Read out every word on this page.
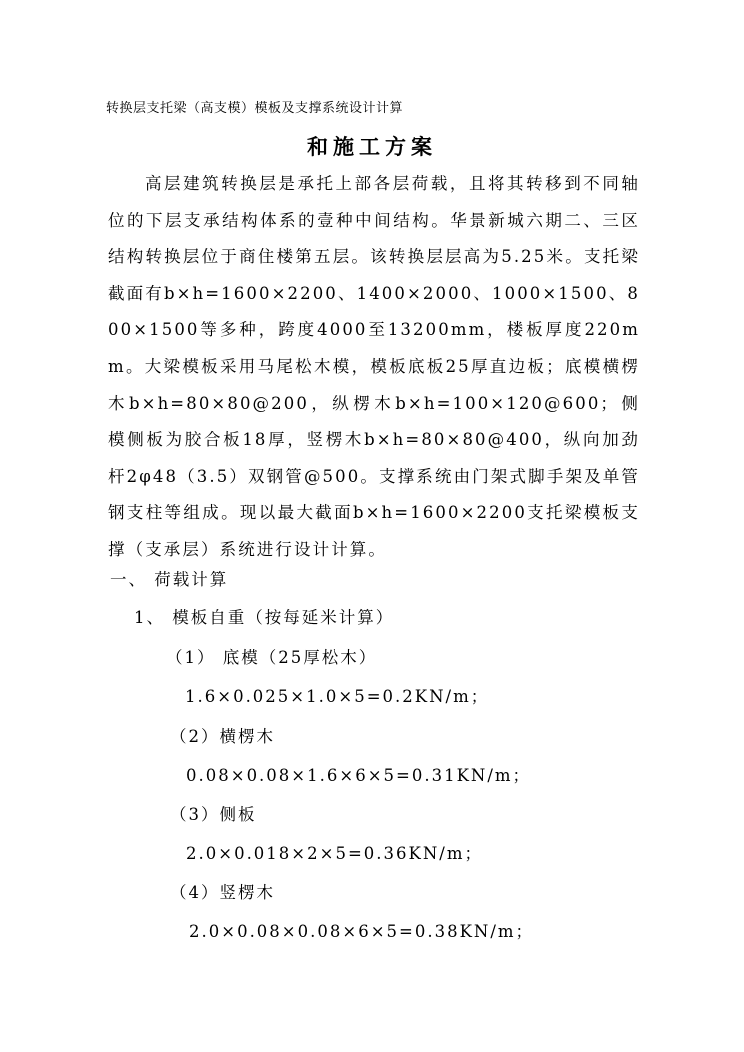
转换层支托梁（高支模）模板及支撑系统设计计算
和施工方案

高层建筑转换层是承托上部各层荷载，且将其转移到不同轴位的下层支承结构体系的壹种中间结构。华景新城六期二、三区结构转换层位于商住楼第五层。该转换层层高为5.25米。支托梁截面有b×h=1600×2200、1400×2000、1000×1500、800×1500等多种，跨度4000至13200mm，楼板厚度220mm。大梁模板采用马尾松木模，模板底板25厚直边板；底模横楞木b×h=80×80@200，纵楞木b×h=100×120@600；侧模侧板为胶合板18厚，竖楞木b×h=80×80@400，纵向加劲杆2φ48（3.5）双钢管@500。支撑系统由门架式脚手架及单管钢支柱等组成。现以最大截面b×h=1600×2200支托梁模板支撑（支承层）系统进行设计计算。

一、 荷载计算
1、 模板自重（按每延米计算）
（1） 底模（25厚松木）
1.6×0.025×1.0×5=0.2KN/m；
（2）横楞木
0.08×0.08×1.6×6×5=0.31KN/m；
（3）侧板
2.0×0.018×2×5=0.36KN/m；
（4）竖楞木
2.0×0.08×0.08×6×5=0.38KN/m；
